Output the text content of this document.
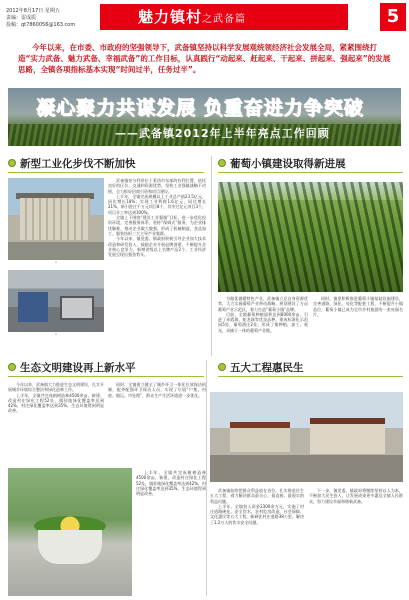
2012年8月17日 星期五
责编：雷成质
投稿：qt7860056@163.com	魅力镇村之武备篇	莱西市情	5
今年以来，在市委、市政府的坚强领导下，武备镇坚持以科学发展观统领经济社会发展全局，紧紧围绕打造“实力武备、魅力武备、幸福武备”的工作目标，认真践行“动起来、赶起来、干起来、拼起来、强起来”的发展思路，全镇各项指标基本实现“时间过半，任务过半”。
凝心聚力共谋发展 负重奋进力争突破
——武备镇2012年上半年亮点工作回顾
新型工业化步伐不断加快
“
“

武备镇充分利用位于莱西市东部的有利位置，依托良好的区位、交通和资源优势，坚持工业强镇战略不动摇，全力抓好招商引资和项目建设。

上半年，全镇完成规模以上工业总产值23.5亿元，同比增长18%；实现工业利税1.6亿元，同比增长21%。新引进过千万元项目8个，其中过亿元项目3个，项目开工率达到100%。

全镇上下围绕“建设工业强镇”目标，进一步优化投资环境，完善服务体系，坚持“保姆式”服务，为企业排忧解难，推动企业做大做强，形成了机械制造、食品加工、服装纺织三大主导产业集群。

今年以来，镇党委、镇政府积极引导企业加大技术改造和研发投入，鼓励企业开展品牌创建，不断提升企业核心竞争力，新增省级以上名牌产品2个，工业经济发展呈现出强劲势头。

葡萄小镇建设取得新进展

为做优做精特色产业，武备镇立足自身资源优势，大力实施葡萄产业带动战略，规划建设了万亩葡萄产业示范区，着力打造“葡萄小镇”品牌。

目前，全镇葡萄种植面积达到8000余亩，引进了赤霞珠、蛇龙珠等优良品种，建成标准化示范园5处，葡萄酒庄2处，形成了集种植、加工、观光、采摘于一体的葡萄产业链。

同时，镇里积极推进葡萄小镇基础设施建设，完善道路、绿化、亮化等配套工程，不断提升小镇品位，葡萄小镇已成为全市乡村旅游的一张亮丽名片。

生态文明建设再上新水平

今年以来，武备镇大力推进生态文明建设，扎实开展城乡环境综合整治和绿化造林工作。

上半年，全镇共完成植树造林4500余亩，新建、改造村庄绿化工程52处，镇驻地绿化覆盖率达到42%，村庄绿化覆盖率达到35%，生态环境得到明显改善。

同时，全镇建立健全了城乡环卫一体化长效保洁机制，配齐配强环卫保洁人员，实现了垃圾“户集、村收、镇运、市处理”，群众生产生活环境进一步优化。

上半年，全镇共完成植树造林4500余亩，新建、改造村庄绿化工程52处，镇驻地绿化覆盖率达到42%，村庄绿化覆盖率达到35%，生态环境得到明显改善。

五大工程惠民生

武备镇始终把群众利益放在首位，扎实推进民生五大工程，着力解决群众最关心、最直接、最现实的利益问题。

上半年，全镇投入资金2300余万元，实施了村庄道路硬化、安全饮水、农村危房改造、社会保障、文化惠民等五大工程，新硬化村庄道路38公里，解决了1.2万人的饮水安全问题。

下一步，镇党委、镇政府将继续坚持以人为本，不断加大民生投入，让发展成果更多惠及全镇人民群众，努力建设幸福和谐新武备。
